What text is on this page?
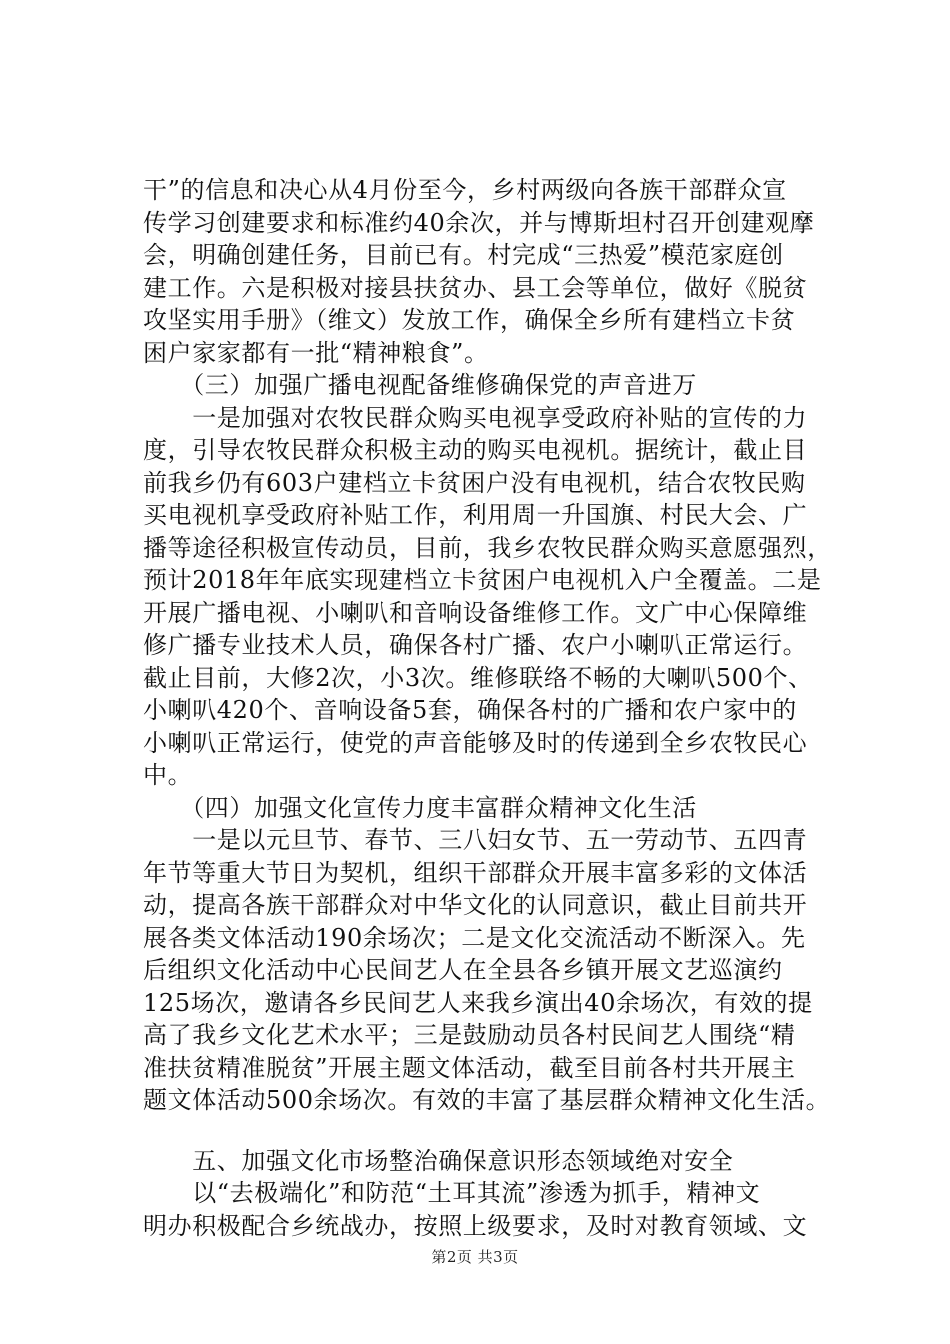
干”的信息和决心从4月份至今，乡村两级向各族干部群众宣
传学习创建要求和标准约40余次，并与博斯坦村召开创建观摩
会，明确创建任务，目前已有。村完成“三热爱”模范家庭创
建工作。六是积极对接县扶贫办、县工会等单位，做好《脱贫
攻坚实用手册》（维文）发放工作，确保全乡所有建档立卡贫
困户家家都有一批“精神粮食”。
　　（三）加强广播电视配备维修确保党的声音进万
　　一是加强对农牧民群众购买电视享受政府补贴的宣传的力
度，引导农牧民群众积极主动的购买电视机。据统计，截止目
前我乡仍有603户建档立卡贫困户没有电视机，结合农牧民购
买电视机享受政府补贴工作，利用周一升国旗、村民大会、广
播等途径积极宣传动员，目前，我乡农牧民群众购买意愿强烈，
预计2018年年底实现建档立卡贫困户电视机入户全覆盖。二是
开展广播电视、小喇叭和音响设备维修工作。文广中心保障维
修广播专业技术人员，确保各村广播、农户小喇叭正常运行。
截止目前，大修2次，小3次。维修联络不畅的大喇叭500个、
小喇叭420个、音响设备5套，确保各村的广播和农户家中的
小喇叭正常运行，使党的声音能够及时的传递到全乡农牧民心
中。
　　（四）加强文化宣传力度丰富群众精神文化生活
　　一是以元旦节、春节、三八妇女节、五一劳动节、五四青
年节等重大节日为契机，组织干部群众开展丰富多彩的文体活
动，提高各族干部群众对中华文化的认同意识，截止目前共开
展各类文体活动190余场次；二是文化交流活动不断深入。先
后组织文化活动中心民间艺人在全县各乡镇开展文艺巡演约
125场次，邀请各乡民间艺人来我乡演出40余场次，有效的提
高了我乡文化艺术水平；三是鼓励动员各村民间艺人围绕“精
准扶贫精准脱贫”开展主题文体活动，截至目前各村共开展主
题文体活动500余场次。有效的丰富了基层群众精神文化生活。
　　五、加强文化市场整治确保意识形态领域绝对安全
　　以“去极端化”和防范“土耳其流”渗透为抓手，精神文
明办积极配合乡统战办，按照上级要求，及时对教育领域、文
第2页 共3页
